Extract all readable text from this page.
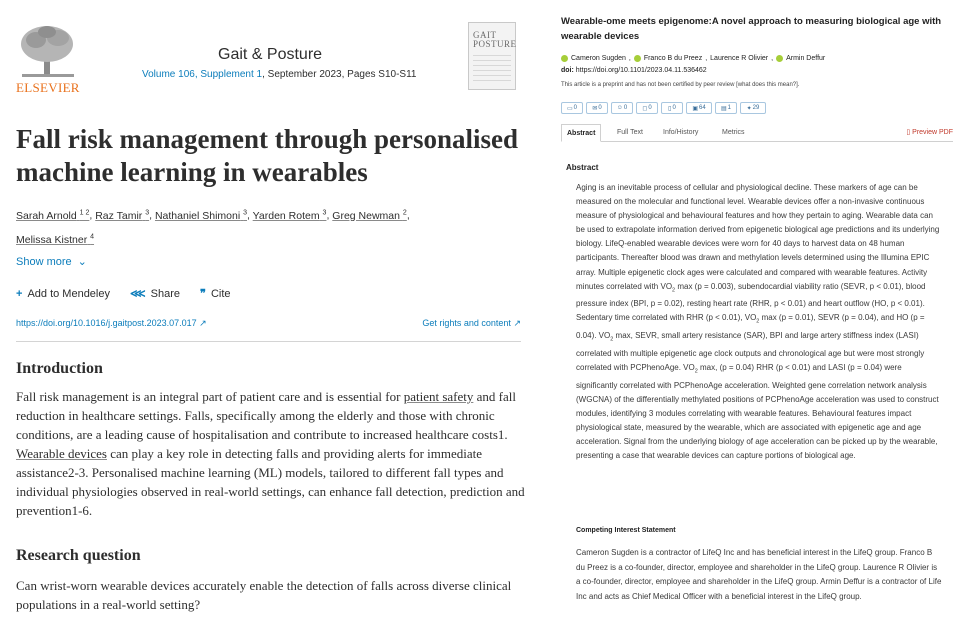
ELSEVIER
Gait & Posture
Volume 106, Supplement 1, September 2023, Pages S10-S11
GAIT
POSTURE
Fall risk management through personalised machine learning in wearables
Sarah Arnold $^{1 2}$, Raz Tamir $^3$, Nathaniel Shimoni $^3$, Yarden Rotem $^3$, Greg Newman $^2$,
Melissa Kistner $^4$
Show more ⌄
+ Add to Mendeley ⋘ Share ❞ Cite
https://doi.org/10.1016/j.gaitpost.2023.07.017 ↗	Get rights and content ↗
Introduction

Fall risk management is an integral part of patient care and is essential for patient safety and fall reduction in healthcare settings. Falls, specifically among the elderly and those with chronic conditions, are a leading cause of hospitalisation and contribute to increased healthcare costs1. Wearable devices can play a key role in detecting falls and providing alerts for immediate assistance2-3. Personalised machine learning (ML) models, tailored to different fall types and individual physiologies observed in real-world settings, can enhance fall detection, prediction and prevention1-6.

Research question

Can wrist-worn wearable devices accurately enable the detection of falls across diverse clinical populations in a real-world setting?

Wearable-ome meets epigenome:A novel approach to measuring biological age with wearable devices
Cameron Sugden , Franco B du Preez , Laurence R Olivier , Armin Deffur
doi: https://doi.org/10.1101/2023.04.11.536462
This article is a preprint and has not been certified by peer review [what does this mean?].
▭ 0	✉ 0	☺ 0	◻ 0	▯ 0	▣ 64	▤ 1	✦ 29
Abstract	Full Text	Info/History	Metrics	▯ Preview PDF
Abstract

Aging is an inevitable process of cellular and physiological decline. These markers of age can be measured on the molecular and functional level. Wearable devices offer a non-invasive continuous measure of physiological and behavioural features and how they pertain to aging. Wearable data can be used to extrapolate information derived from epigenetic biological age predictions and its underlying biology. LifeQ-enabled wearable devices were worn for 40 days to harvest data on 48 human participants. Thereafter blood was drawn and methylation levels determined using the Illumina EPIC array. Multiple epigenetic clock ages were calculated and compared with wearable features. Activity minutes correlated with $VO_2$ max (p = 0.003), subendocardial viability ratio (SEVR, p < 0.01), blood pressure index (BPI, p = 0.02), resting heart rate (RHR, p < 0.01) and heart outflow (HO, p < 0.01). Sedentary time correlated with RHR (p < 0.01), $VO_2$ max (p = 0.01), SEVR (p = 0.04), and HO (p = 0.04). $VO_2$ max, SEVR, small artery resistance (SAR), BPI and large artery stiffness index (LASI) correlated with multiple epigenetic age clock outputs and chronological age but were most strongly correlated with PCPhenoAge. $VO_2$ max, (p = 0.04) RHR (p < 0.01) and LASI (p = 0.04) were significantly correlated with PCPhenoAge acceleration. Weighted gene correlation network analysis (WGCNA) of the differentially methylated positions of PCPhenoAge acceleration was used to construct modules, identifying 3 modules correlating with wearable features. Behavioural features impact physiological state, measured by the wearable, which are associated with epigenetic age and age acceleration. Signal from the underlying biology of age acceleration can be picked up by the wearable, presenting a case that wearable devices can capture portions of biological age.

Competing Interest Statement

Cameron Sugden is a contractor of LifeQ Inc and has beneficial interest in the LifeQ group. Franco B du Preez is a co-founder, director, employee and shareholder in the LifeQ group. Laurence R Olivier is a co-founder, director, employee and shareholder in the LifeQ group. Armin Deffur is a contractor of Life Inc and acts as Chief Medical Officer with a beneficial interest in the LifeQ group.
